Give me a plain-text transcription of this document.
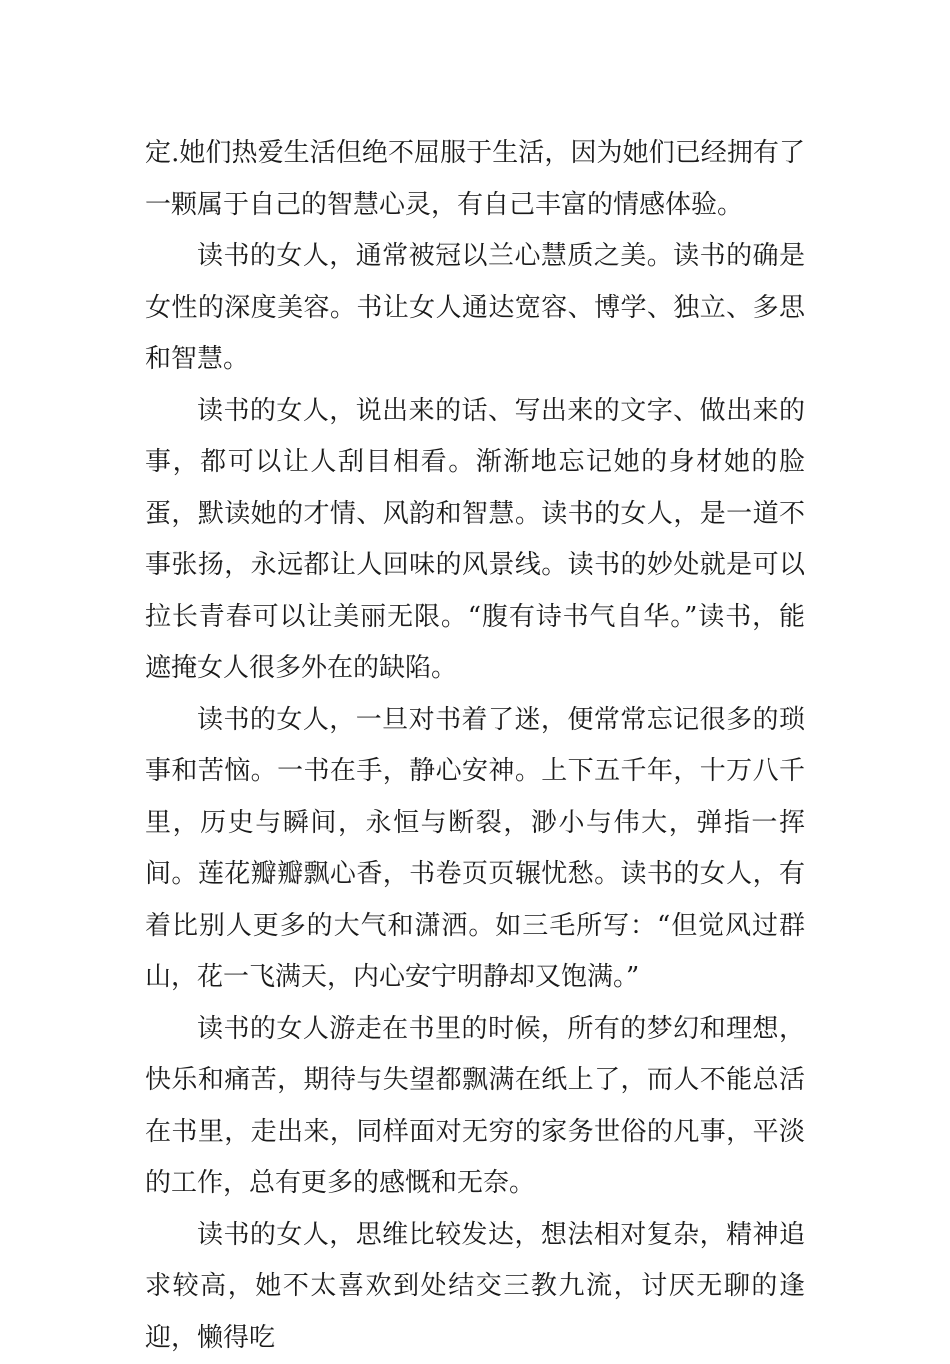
定.她们热爱生活但绝不屈服于生活，因为她们已经拥有了一颗属于自己的智慧心灵，有自己丰富的情感体验。

读书的女人，通常被冠以兰心慧质之美。读书的确是女性的深度美容。书让女人通达宽容、博学、独立、多思和智慧。

读书的女人，说出来的话、写出来的文字、做出来的事，都可以让人刮目相看。渐渐地忘记她的身材她的脸蛋，默读她的才情、风韵和智慧。读书的女人，是一道不事张扬，永远都让人回味的风景线。读书的妙处就是可以拉长青春可以让美丽无限。“腹有诗书气自华。”读书，能遮掩女人很多外在的缺陷。

读书的女人，一旦对书着了迷，便常常忘记很多的琐事和苦恼。一书在手，静心安神。上下五千年，十万八千里，历史与瞬间，永恒与断裂，渺小与伟大，弹指一挥间。莲花瓣瓣飘心香，书卷页页辗忧愁。读书的女人，有着比别人更多的大气和潇洒。如三毛所写：“但觉风过群山，花一飞满天，内心安宁明静却又饱满。”

读书的女人游走在书里的时候，所有的梦幻和理想，快乐和痛苦，期待与失望都飘满在纸上了，而人不能总活在书里，走出来，同样面对无穷的家务世俗的凡事，平淡的工作，总有更多的感慨和无奈。

读书的女人，思维比较发达，想法相对复杂，精神追求较高，她不太喜欢到处结交三教九流，讨厌无聊的逢迎，懒得吃
